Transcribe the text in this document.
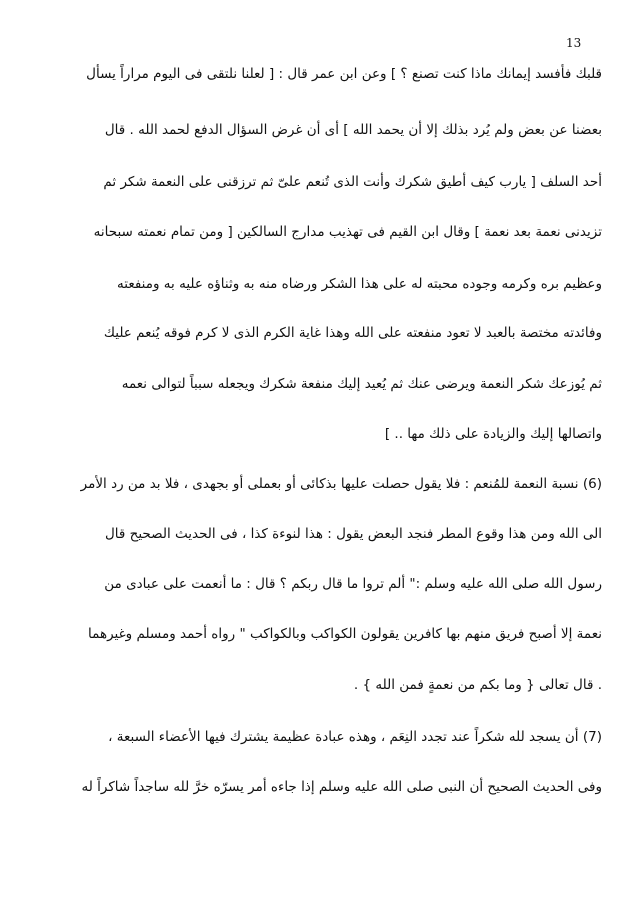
13
قلبك فأفسد إيمانك ماذا كنت تصنع ؟ ] وعن ابن عمر قال : [ لعلنا نلتقى فى اليوم مراراً يسأل
بعضنا عن بعض ولم يُرد بذلك إلا أن يحمد الله ] أى أن غرض السؤال الدفع لحمد الله . قال
أحد السلف [ يارب كيف أطيق شكرك وأنت الذى تُنعم علىّ ثم ترزقنى على النعمة شكر ثم
تزيدنى نعمة بعد نعمة ] وقال ابن القيم فى تهذيب مدارج السالكين [ ومن تمام نعمته سبحانه
وعظيم بره وكرمه وجوده محبته له على هذا الشكر ورضاه منه به وثناؤه عليه به ومنفعته
وفائدته مختصة بالعبد لا تعود منفعته على الله وهذا غاية الكرم الذى لا كرم فوقه يُنعم عليك
ثم يُوزعك شكر النعمة ويرضى عنك ثم يُعيد إليك منفعة شكرك ويجعله سبباً لتوالى نعمه
واتصالها إليك والزيادة على ذلك مها .. ]
(6) نسبة النعمة للمُنعم : فلا يقول حصلت عليها بذكائى أو بعملى أو بجهدى ، فلا بد من رد الأمر
الى الله ومن هذا وقوع المطر فنجد البعض يقول : هذا لنوءة كذا ، فى الحديث الصحيح قال
رسول الله صلى الله عليه وسلم :" ألم تروا ما قال ربكم ؟ قال : ما أنعمت على عبادى من
نعمة إلا أصبح فريق منهم بها كافرين يقولون الكواكب وبالكواكب " رواه أحمد ومسلم وغيرهما
. قال تعالى { وما بكم من نعمةٍ فمن الله } .
(7) أن يسجد لله شكراً عند تجدد النِعَم ، وهذه عبادة عظيمة يشترك فيها الأعضاء السبعة ،
وفى الحديث الصحيح أن النبى صلى الله عليه وسلم إذا جاءه أمر يسرّه خرَّ لله ساجداً شاكراً له
